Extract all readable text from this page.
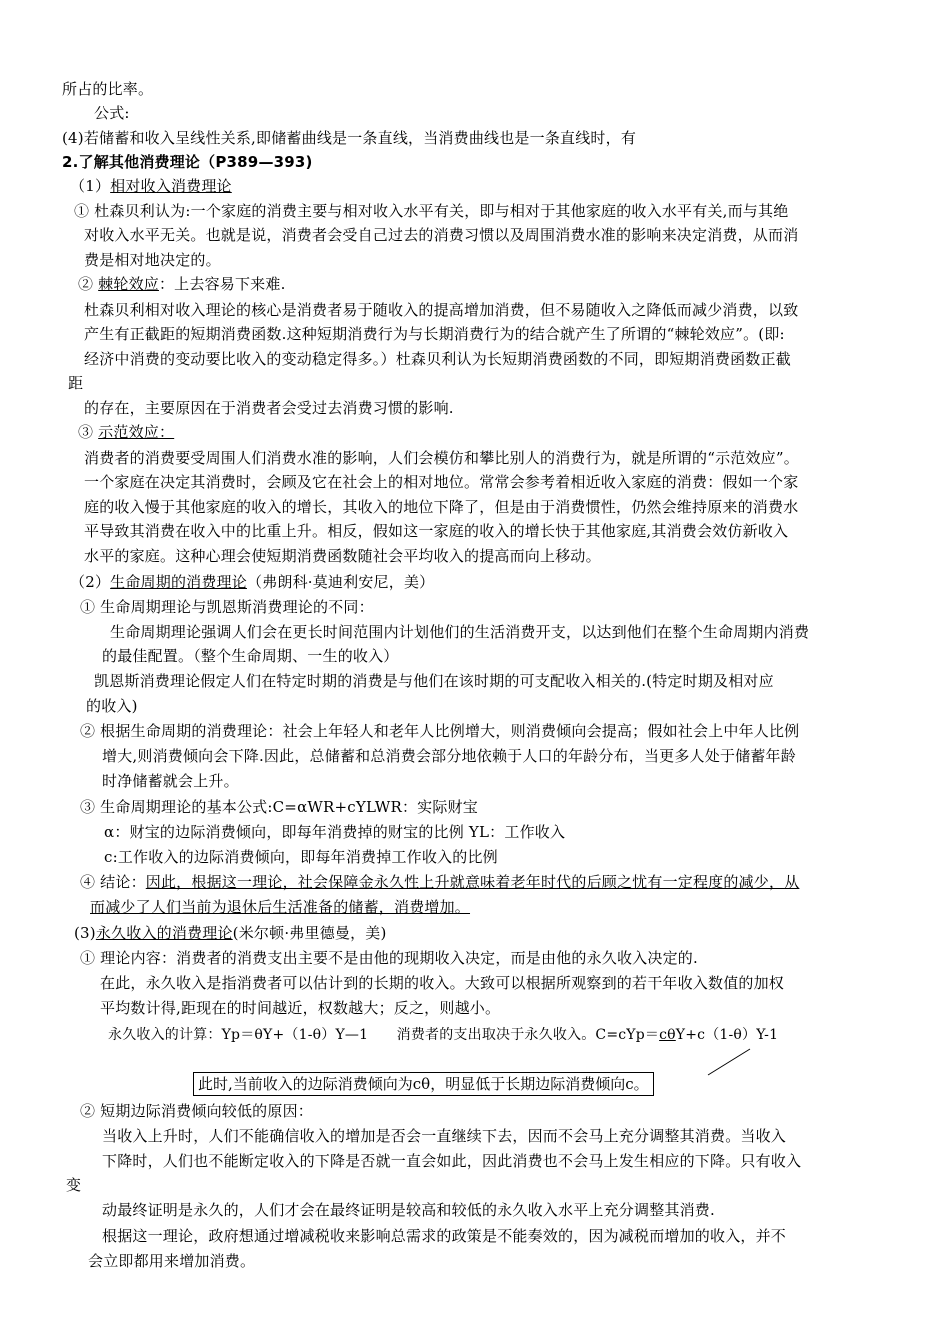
所占的比率。
公式:
(4)若储蓄和收入呈线性关系,即储蓄曲线是一条直线，当消费曲线也是一条直线时，有
2.了解其他消费理论（P389—393)
（1）相对收入消费理论
① 杜森贝利认为:一个家庭的消费主要与相对收入水平有关，即与相对于其他家庭的收入水平有关,而与其绝
对收入水平无关。也就是说，消费者会受自己过去的消费习惯以及周围消费水准的影响来决定消费，从而消
费是相对地决定的。
② 棘轮效应：上去容易下来难.
杜森贝利相对收入理论的核心是消费者易于随收入的提高增加消费，但不易随收入之降低而减少消费，以致
产生有正截距的短期消费函数.这种短期消费行为与长期消费行为的结合就产生了所谓的“棘轮效应”。(即:
经济中消费的变动要比收入的变动稳定得多。）杜森贝利认为长短期消费函数的不同，即短期消费函数正截
距
的存在，主要原因在于消费者会受过去消费习惯的影响.
③ 示范效应：
消费者的消费要受周围人们消费水准的影响，人们会模仿和攀比别人的消费行为，就是所谓的“示范效应”。
一个家庭在决定其消费时，会顾及它在社会上的相对地位。常常会参考着相近收入家庭的消费：假如一个家
庭的收入慢于其他家庭的收入的增长，其收入的地位下降了，但是由于消费惯性，仍然会维持原来的消费水
平导致其消费在收入中的比重上升。相反，假如这一家庭的收入的增长快于其他家庭,其消费会效仿新收入
水平的家庭。这种心理会使短期消费函数随社会平均收入的提高而向上移动。
（2）生命周期的消费理论（弗朗科·莫迪利安尼，美）
① 生命周期理论与凯恩斯消费理论的不同：
生命周期理论强调人们会在更长时间范围内计划他们的生活消费开支，以达到他们在整个生命周期内消费
的最佳配置。（整个生命周期、一生的收入）
凯恩斯消费理论假定人们在特定时期的消费是与他们在该时期的可支配收入相关的.(特定时期及相对应
的收入)
② 根据生命周期的消费理论：社会上年轻人和老年人比例增大，则消费倾向会提高；假如社会上中年人比例
增大,则消费倾向会下降.因此，总储蓄和总消费会部分地依赖于人口的年龄分布，当更多人处于储蓄年龄
时净储蓄就会上升。
③ 生命周期理论的基本公式:C=αWR+cYLWR：实际财宝
α：财宝的边际消费倾向，即每年消费掉的财宝的比例 YL：工作收入
c:工作收入的边际消费倾向，即每年消费掉工作收入的比例
④ 结论：因此，根据这一理论，社会保障金永久性上升就意味着老年时代的后顾之忧有一定程度的减少，从
而减少了人们当前为退休后生活准备的储蓄，消费增加。
(3)永久收入的消费理论(米尔顿·弗里德曼，美)
① 理论内容：消费者的消费支出主要不是由他的现期收入决定，而是由他的永久收入决定的.
在此，永久收入是指消费者可以估计到的长期的收入。大致可以根据所观察到的若干年收入数值的加权
平均数计得,距现在的时间越近，权数越大；反之，则越小。
永久收入的计算：Yp＝θY+（1-θ）Y—1　　消费者的支出取决于永久收入。C=cYp＝cθY+c（1-θ）Y-1
此时,当前收入的边际消费倾向为cθ，明显低于长期边际消费倾向c。
② 短期边际消费倾向较低的原因：
当收入上升时，人们不能确信收入的增加是否会一直继续下去，因而不会马上充分调整其消费。当收入
下降时，人们也不能断定收入的下降是否就一直会如此，因此消费也不会马上发生相应的下降。只有收入
变
动最终证明是永久的，人们才会在最终证明是较高和较低的永久收入水平上充分调整其消费.
根据这一理论，政府想通过增减税收来影响总需求的政策是不能奏效的，因为减税而增加的收入，并不
会立即都用来增加消费。
